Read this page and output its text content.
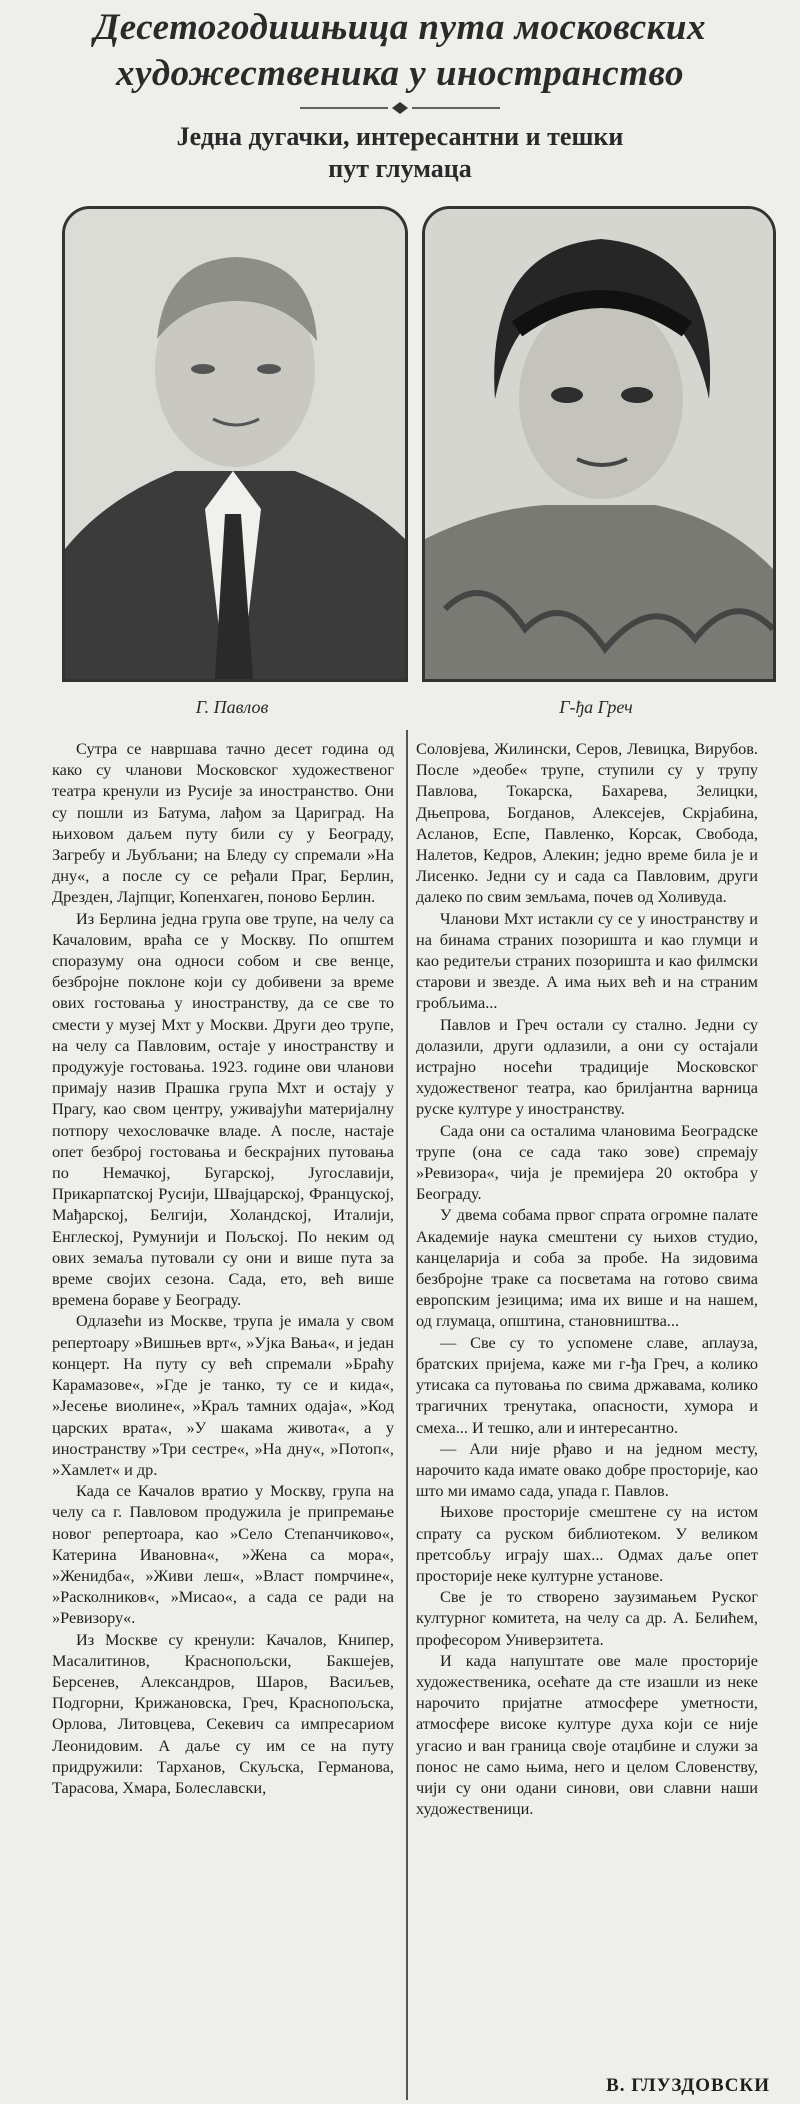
Десетогодишњица пута московских
художественика у иностранство
Једна дугачки, интересантни и тешки
пут глумаца

Г. Павлов	Г-ђа Греч

Сутра се навршава тачно десет година од како су чланови Московског художественог театра кренули из Русије за иностранство. Они су пошли из Батума, лађом за Цариград. На њиховом даљем путу били су у Београду, Загребу и Љубљани; на Бледу су спремали »На дну«, а после су се ређали Праг, Берлин, Дрезден, Лајпциг, Копенхаген, поново Берлин.

Из Берлина једна група ове трупе, на челу са Качаловим, враћа се у Москву. По општем споразуму она односи собом и све венце, безбројне поклоне који су добивени за време ових гостовања у иностранству, да се све то смести у музеј Мхт у Москви. Други део трупе, на челу са Павловим, остаје у иностранству и продужује гостовања. 1923. године ови чланови примају назив Прашка група Мхт и остају у Прагу, као свом центру, уживајући материјалну потпору чехословачке владе. А после, настаје опет безброј гостовања и бескрајних путовања по Немачкој, Бугарској, Југославији, Прикарпатској Русији, Швајцарској, Француској, Мађарској, Белгији, Холандској, Италији, Енглеској, Румунији и Пољској. По неким од ових земаља путовали су они и више пута за време својих сезона. Сада, ето, већ више времена бораве у Београду.

Одлазећи из Москве, трупа је имала у свом репертоару »Вишњев врт«, »Ујка Вања«, и један концерт. На путу су већ спремали »Браћу Карамазове«, »Где је танко, ту се и кида«, »Јесење виолине«, »Краљ тамних одаја«, »Код царских врата«, »У шакама живота«, а у иностранству »Три сестре«, »На дну«, »Потоп«, »Хамлет« и др.

Када се Качалов вратио у Москву, група на челу са г. Павловом продужила је припремање новог репертоара, као »Село Степанчиково«, Катерина Ивановна«, »Жена са мора«, »Женидба«, »Живи леш«, »Власт помрчине«, »Расколников«, »Мисао«, а сада се ради на »Ревизору«.

Из Москве су кренули: Качалов, Книпер, Масалитинов, Краснопољски, Бакшејев, Берсенев, Александров, Шаров, Васиљев, Подгорни, Крижановска, Греч, Краснопољска, Орлова, Литовцева, Секевич са импресариом Леонидовим. А даље су им се на путу придружили: Тарханов, Скуљска, Германова, Тарасова, Хмара, Болеславски,

Соловјева, Жилински, Серов, Левицка, Вирубов. После »деобе« трупе, ступили су у трупу Павлова, Токарска, Бахарева, Зелицки, Дњепрова, Богданов, Алексејев, Скрјабина, Асланов, Еспе, Павленко, Корсак, Свобода, Налетов, Кедров, Алекин; једно време била је и Лисенко. Једни су и сада са Павловим, други далеко по свим земљама, почев од Холивуда.

Чланови Мхт истакли су се у иностранству и на бинама страних позоришта и као глумци и као редитељи страних позоришта и као филмски старови и звезде. А има њих већ и на страним гробљима...

Павлов и Греч остали су стално. Једни су долазили, други одлазили, а они су остајали истрајно носећи традиције Московског художественог театра, као брилјантна варница руске културе у иностранству.

Сада они са осталима члановима Београдске трупе (она се сада тако зове) спремају »Ревизора«, чија је премијера 20 октобра у Београду.

У двема собама првог спрата огромне палате Академије наука смештени су њихов студио, канцеларија и соба за пробе. На зидовима безбројне траке са посветама на готово свима европским језицима; има их више и на нашем, од глумаца, општина, становништва...

— Све су то успомене славе, аплауза, братских пријема, каже ми г-ђа Греч, а колико утисака са путовања по свима државама, колико трагичних тренутака, опасности, хумора и смеха... И тешко, али и интересантно.

— Али није рђаво и на једном месту, нарочито када имате овако добре просторије, као што ми имамо сада, упада г. Павлов.

Њихове просторије смештене су на истом спрату са руском библиотеком. У великом претсобљу играју шах... Одмах даље опет просторије неке културне установе.

Све је то створено заузимањем Руског културног комитета, на челу са др. А. Белићем, професором Универзитета.

И када напуштате ове мале просторије художественика, осећате да сте изашли из неке нарочито пријатне атмосфере уметности, атмосфере високе културе духа који се није угасио и ван граница своје отаџбине и служи за понос не само њима, него и целом Словенству, чији су они одани синови, ови славни наши художественици.

В. ГЛУЗДОВСКИ
